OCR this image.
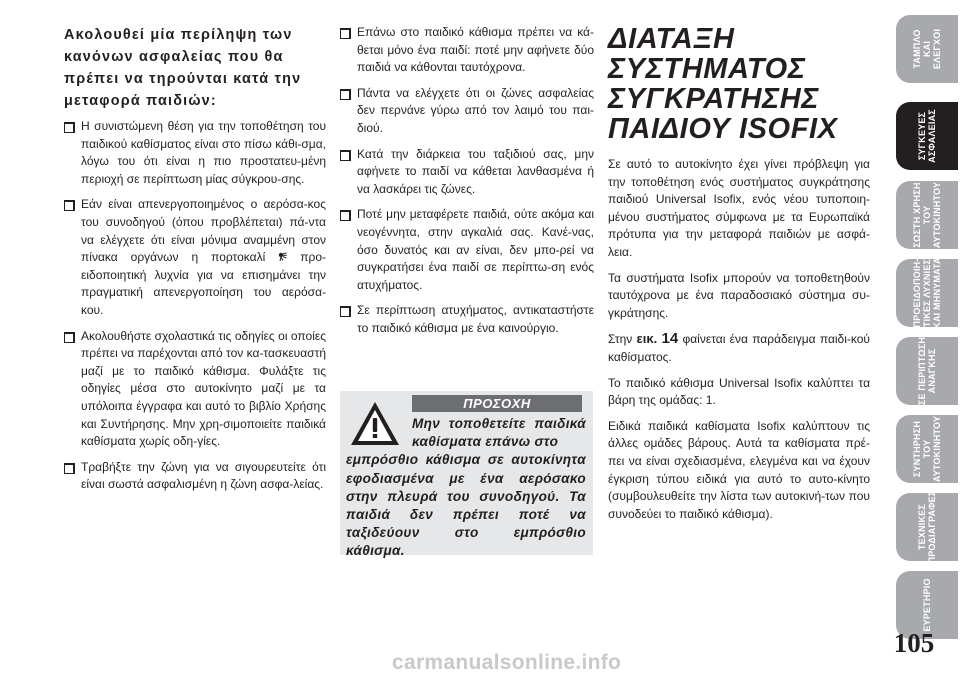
Ακολουθεί μία περίληψη των κανόνων ασφαλείας που θα πρέπει να τηρούνται κατά την μεταφορά παιδιών:
Η συνιστώμενη θέση για την τοποθέτηση του παιδικού καθίσματος είναι στο πίσω κάθι-σμα, λόγω του ότι είναι η πιο προστατευ-μένη περιοχή σε περίπτωση μίας σύγκρου-σης.
Εάν είναι απενεργοποιημένος ο αερόσα-κος του συνοδηγού (όπου προβλέπεται) πά-ντα να ελέγχετε ότι είναι μόνιμα αναμμένη στον πίνακα οργάνων η πορτοκαλί	προ-ειδοποιητική λυχνία για να επισημάνει την πραγματική απενεργοποίηση του αερόσα-κου.
Ακολουθήστε σχολαστικά τις οδηγίες οι οποίες πρέπει να παρέχονται από τον κα-τασκευαστή μαζί με το παιδικό κάθισμα. Φυλάξτε τις οδηγίες μέσα στο αυτοκίνητο μαζί με τα υπόλοιπα έγγραφα και αυτό το βιβλίο Χρήσης και Συντήρησης. Μην χρη-σιμοποιείτε παιδικά καθίσματα χωρίς οδη-γίες.
Τραβήξτε την ζώνη για να σιγουρευτείτε ότι είναι σωστά ασφαλισμένη η ζώνη ασφα-λείας.
Επάνω στο παιδικό κάθισμα πρέπει να κά-θεται μόνο ένα παιδί: ποτέ μην αφήνετε δύο παιδιά να κάθονται ταυτόχρονα.
Πάντα να ελέγχετε ότι οι ζώνες ασφαλείας δεν περνάνε γύρω από τον λαιμό του παι-διού.
Κατά την διάρκεια του ταξιδιού σας, μην αφήνετε το παιδί να κάθεται λανθασμένα ή να λασκάρει τις ζώνες.
Ποτέ μην μεταφέρετε παιδιά, ούτε ακόμα και νεογέννητα, στην αγκαλιά σας. Κανέ-νας, όσο δυνατός και αν είναι, δεν μπο-ρεί να συγκρατήσει ένα παιδί σε περίπτω-ση ενός ατυχήματος.
Σε περίπτωση ατυχήματος, αντικαταστήστε το παιδικό κάθισμα με ένα καινούργιο.
ΠΡΟΣΟΧΗ
Μην τοποθετείτε παιδικά καθίσματα επάνω στο
εμπρόσθιο κάθισμα σε αυτοκίνητα εφοδιασμένα με ένα αερόσακο στην πλευρά του συνοδηγού. Τα παιδιά δεν πρέπει ποτέ να ταξιδεύουν στο εμπρόσθιο κάθισμα.
ΔΙΑΤΑΞΗ
ΣΥΣΤΗΜΑΤΟΣ
ΣΥΓΚΡΑΤΗΣΗΣ
ΠΑΙΔΙΟΥ ISOFIX

Σε αυτό το αυτοκίνητο έχει γίνει πρόβλεψη για την τοποθέτηση ενός συστήματος συγκράτησης παιδιού Universal Isofix, ενός νέου τυποποιη-μένου συστήματος σύμφωνα με τα Ευρωπαϊκά πρότυπα για την μεταφορά παιδιών με ασφά-λεια.

Τα συστήματα Isofix μπορούν να τοποθετηθούν ταυτόχρονα με ένα παραδοσιακό σύστημα συ-γκράτησης.

Στην εικ. 14 φαίνεται ένα παράδειγμα παιδι-κού καθίσματος.

Το παιδικό κάθισμα Universal Isofix καλύπτει τα βάρη της ομάδας: 1.

Ειδικά παιδικά καθίσματα Isofix καλύπτουν τις άλλες ομάδες βάρους. Αυτά τα καθίσματα πρέ-πει να είναι σχεδιασμένα, ελεγμένα και να έχουν έγκριση τύπου ειδικά για αυτό το αυτο-κίνητο (συμβουλευθείτε την λίστα των αυτοκινή-των που συνοδεύει το παιδικό κάθισμα).

ΤΑΜΠΛΟ
ΚΑΙ
ΕΛΕΓΧΟΙ
ΣΥΓΚΕΥΕΣ
ΑΣΦΑΛΕΙΑΣ
ΣΩΣΤΗ ΧΡΗΣΗ
ΤΟΥ
ΑΥΤΟΚΙΝΗΤΟΥ
ΠΡΟΕΙΔΟΠΟΙΗ-
ΤΙΚΕΣ ΛΥΧΝΙΕΣ
ΚΑΙ ΜΗΝΥΜΑΤΑ
ΣΕ ΠΕΡΙΠΤΩΣΗ
ΑΝΑΓΚΗΣ
ΣΥΝΤΗΡΗΣΗ
ΤΟΥ
ΑΥΤΟΚΙΝΗΤΟΥ
ΤΕΧΝΙΚΕΣ
ΠΡΟΔΙΑΓΡΑΦΕΣ
ΕΥΡΕΤΗΡΙΟ
105
carmanualsonline.info
